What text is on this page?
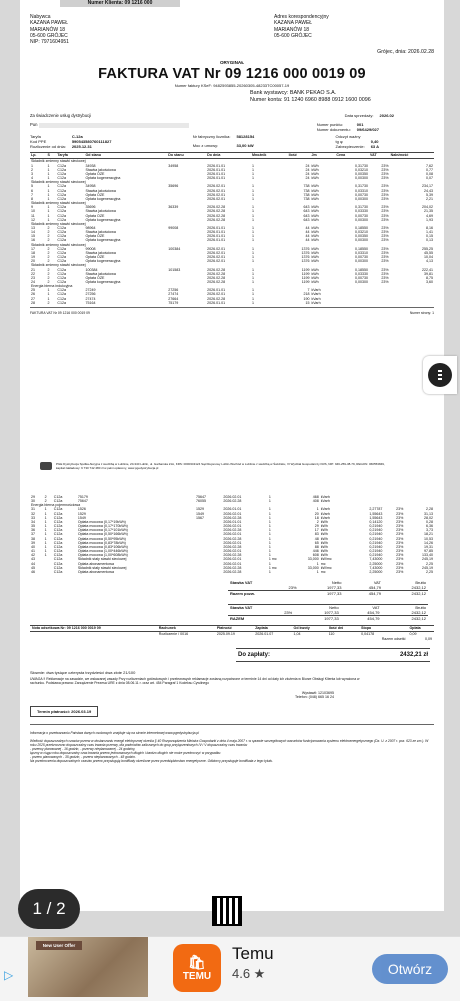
Numer Klienta: 09 1216 000
Nabywca
KAZANA PAWEŁ
MARIANÓW 18
05-600 GRÓJEC
NIP: 7971604951
Adres korespondencyjny
KAZANA PAWEŁ
MARIANÓW 18
05-600 GRÓJEC
Grójec, dnia: 2026.02.28
ORYGINAŁ
FAKTURA VAT Nr 09 1216 000 0019 09
Numer faktury KSeF: 9482593855-20260305-48233TC00057-19
Bank wystawcy: BANK PEKAO S.A.
Numer konta: 91 1240 6960 8988 0912 1600 0096
Za świadczenie usług dystrybucji	Data sprzedaży: 2026.02
Pun	Numer punktu:	001
Numer dokumentu: 09/6429/027
Taryfa	C-12a
Kod PPE	590543580760111827
Rozliczenie od dnia: 2025.12.31
Nr fabryczny licznika: 58128154
Moc z umowy:	33,00 kW
Odczyt ważny
tg φ	0,40
Zabezpieczenie: 63 A
Lp.	S	Taryfa	Od stanu	Do stanu	Do dnia	Mnożnik	Ilość	Jm	Cena	VAT	Należność
Składnik zmienny stawki sieciowej											
1	1	C12a	34938	34958	2026.01.01	1	24	kWh	0,31730	23%	7,62
2	1	C12a	Stawka jakościowa		2026.01.01	1	24	kWh	0,03210	23%	0,77
3	1	C12a	Opłata OZE		2026.01.01	1	24	kWh	0,00350	23%	0,08
4	1	C12a	Opłata kogeneracyjna		2026.01.01	1	24	kWh	0,00300	23%	0,07
Składnik zmienny stawki sieciowej											
5	1	C12a	34958	35696	2026.02.01	1	738	kWh	0,31730	23%	234,17
6	1	C12a	Stawka jakościowa		2026.02.01	1	738	kWh	0,03310	23%	24,43
7	1	C12a	Opłata OZE		2026.02.01	1	738	kWh	0,00730	23%	5,39
8	1	C12a	Opłata kogeneracyjna		2026.02.01	1	738	kWh	0,00300	23%	2,21
Składnik zmienny stawki sieciowej											
9	1	C12a	35696	36339	2026.02.28	1	643	kWh	0,31730	23%	204,02
10	1	C12a	Stawka jakościowa		2026.02.28	1	643	kWh	0,03330	23%	21,35
11	1	C12a	Opłata OZE		2026.02.28	1	643	kWh	0,00730	23%	4,69
12	1	C12a	Opłata kogeneracyjna		2026.02.28	1	643	kWh	0,00300	23%	1,93
Składnik zmienny stawki sieciowej											
13	2	C12a	98964	99008	2026.01.01	1	44	kWh	0,18550	23%	8,16
14	2	C12a	Stawka jakościowa		2026.01.01	1	44	kWh	0,03210	23%	1,41
15	2	C12a	Opłata OZE		2026.01.01	1	44	kWh	0,00350	23%	0,15
16	2	C12a	Opłata kogeneracyjna		2026.01.01	1	44	kWh	0,00300	23%	0,13
Składnik zmienny stawki sieciowej											
17	2	C12a	99008	100384	2026.02.01	1	1376	kWh	0,18550	23%	255,25
18	2	C12a	Stawka jakościowa		2026.02.01	1	1376	kWh	0,03310	23%	45,55
19	2	C12a	Opłata OZE		2026.02.01	1	1376	kWh	0,00730	23%	10,04
20	2	C12a	Opłata kogeneracyjna		2026.02.01	1	1376	kWh	0,00300	23%	4,13
Składnik zmienny stawki sieciowej											
21	2	C12a	100384	101583	2026.02.28	1	1199	kWh	0,18550	23%	222,41
22	2	C12a	Stawka jakościowa		2026.02.28	1	1199	kWh	0,03330	23%	39,81
23	2	C12a	Opłata OZE		2026.02.28	1	1199	kWh	0,00730	23%	8,75
24	2	C12a	Opłata kogeneracyjna		2026.02.28	1	1199	kWh	0,00300	23%	3,60
Energia bierna indukcyjna											
25	1	C12a	27249	27256	2026.01.01	1	7	kVarh			
26	1	C12a	27256	27474	2026.02.01	1	218	kVarh			
27	1	C12a	27474	27664	2026.02.28	1	190	kVarh			
28	2	C12a	75164	75179	2026.01.01	1	15	kVarh			
FAKTURA VAT Nr 09 1216 000 0019 09	Numer strony: 1
PGE Dystrybucja Spółka Akcyjna z siedzibą w Lublinie, 20-340 Lublin, ul. Garbarska 21A, KRS: 0000343124 Sąd Rejonowy Lublin-Wschód w Lublinie z siedzibą w Świdniku, VI Wydział Gospodarczy KRS, NIP: 946-259-38-79, REGON: 060553849, kapitał zakładowy: 9 730 742 480 zł w pełni opłacony, www.pgedystrybucja.pl
29	2	C12a	75179	75647	2026.02.01	1	468	kVarh			
30	2	C12a	75647	76055	2026.02.28	1	408	kVarh			
Energia bierna pojemnościowa											
31	1	C12a	1526	1529	2026.01.01	1	1	kVarh	2,27787	23%	2,28
32	1	C12a	1529	1549	2026.02.01	1	20	kVarh	1,55643	23%	31,13
33	1	C12a	1549	1567	2026.02.28	1	18	kVarh	1,55643	23%	28,02
34	1	C12a	Opłata mocowa (0,17*19kWh)		2026.01.01	1	2	kWh	0,14120	23%	0,28
35	1	C12a	Opłata mocowa (0,17*170kWh)		2026.02.01	1	29	kWh	0,21940	23%	6,36
36	1	C12a	Opłata mocowa (0,17*101kWh)		2026.02.28	1	17	kWh	0,21940	23%	3,73
37	1	C12a	Opłata mocowa (0,50*166kWh)		2026.02.01	1	83	kWh	0,21940	23%	18,21
38	1	C12a	Opłata mocowa (0,50*95kWh)		2026.02.28	1	48	kWh	0,21940	23%	10,53
39	1	C12a	Opłata mocowa (0,83*78kWh)		2026.02.01	1	65	kWh	0,21940	23%	14,26
40	1	C12a	Opłata mocowa (0,83*106kWh)		2026.02.28	1	88	kWh	0,21940	23%	19,31
41	1	C12a	Opłata mocowa (1,00*446kWh)		2026.02.01	1	446	kWh	0,21940	23%	97,85
42	1	C12a	Opłata mocowa (1,00*608kWh)		2026.02.28	1	608	kWh	0,21940	23%	133,40
43		C12a	Składnik stały stawki sieciowej		2026.02.01	1 mc	33,000	kW/mc	7,43000	23%	245,19
44		C12a	Opłata abonamentowa		2026.02.01	1	1	mc	2,25000	23%	2,25
45		C12a	Składnik stały stawki sieciowej		2026.02.28	1 mc	33,000	kW/mc	7,43000	23%	245,19
46		C12a	Opłata abonamentowa		2026.02.28	1	1	mc	2,25000	23%	2,25
Stawka VAT	Netto	VAT	Brutto
23%	1977,33	454,79	2432,12
Razem pozw.	1977,33	454,79	2432,12
Stawka VAT	Netto	VAT	Brutto
23%	1977,33	454,79	2432,12
RAZEM	1977,33	454,79	2432,12
Nota odsetkowa Nr: 09 1216 000 0019 09	Rachunek	Płatność	Zapłata	Od kwoty	Ilość dni	Stopa	Opłata
	Rozliczenie / 0016	2025.09.19	2026.01.07	1,04	110	0,04178	0,09
						Razem odsetki	0,09
Do zapłaty:	2432,21 zł
Słownie: dwa tysiące czterysta trzydzieści dwa złote 21/100
UWAGA !! Reklamacje na zasadzie, we wskazanej zasady Przy rozliczeniach gotówkowych i przelewowych reklamacje zostaną rozpatrzone w terminie 14 dni od daty ich złożenia w Biurze Obsługi Klienta lub wyrażona w rachunku. Podstawa prawna: Zarządzenie Prezesa URE z dnia 08.06.11 r. oraz art. 454 Paragraf 1 Kodeksu Cywilnego
Wystawił: 12103695
Telefon: (048) 665 16 24
Termin płatności: 2026.03.19
Informacja o przetwarzaniu Państwa danych osobowych znajduje się na stronie internetowej www.pgedystrybucja.pl
Wielkość dopuszczalnych czasów przerw w dostarczaniu energii elektrycznej określa § 40 Rozporządzenia Ministra Gospodarki z dnia 4 maja 2007 r. w sprawie szczegółowych warunków funkcjonowania systemu elektroenergetycznego (Dz. U. z 2007 r. poz. 623 ze zm.). W roku 2025 przekroczono dopuszczalny czas trwania przerwy, dla podmiotów zaliczanych do grup przyłączeniowych IV i V dopuszczalny czas trwania:
- przerwy planowanej - 16 godzin, - przerwy nieplanowanej - 24 godziny,
łączny w ciągu roku dopuszczalny czas trwania przerw jednorazowych długich i bardzo długich nie może przekroczyć w przypadku:
- przerw planowanych - 35 godzin, - przerw nieplanowanych - 48 godzin.
Na przekroczenia dopuszczalnych czasów przerw przysługują bonifikaty określone przez przedsiębiorstwo energetyczne. Odbiorcy przysługuje bonifikata z tego tytułu.
1 / 2
▷
New User Offer
🛍
TEMU
Temu
4.6 ★	Otwórz
